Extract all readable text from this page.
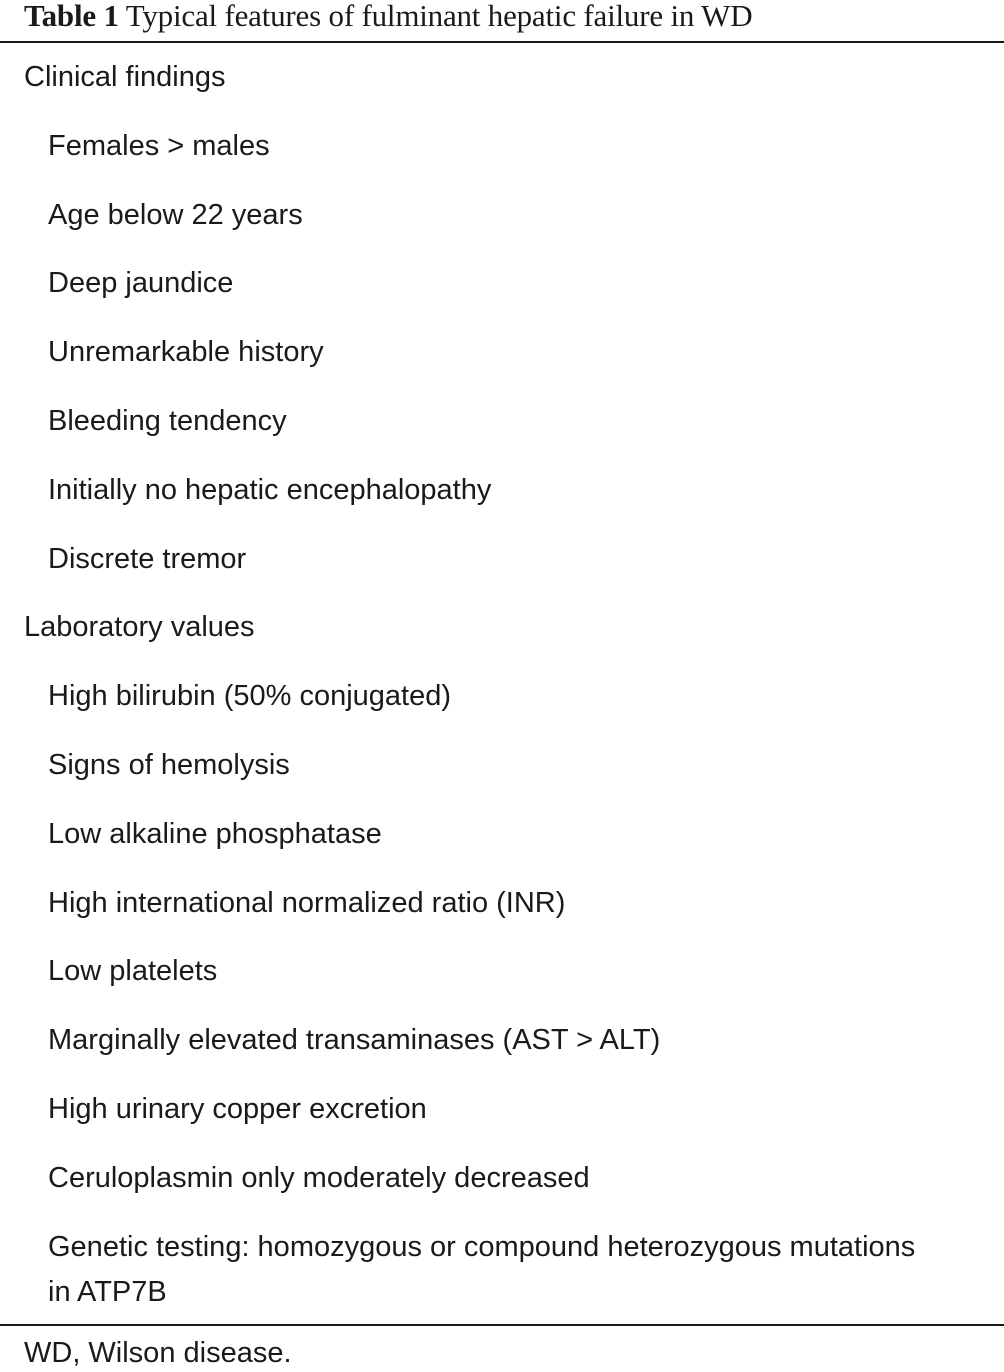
Table 1 Typical features of fulminant hepatic failure in WD
Clinical findings
Females > males
Age below 22 years
Deep jaundice
Unremarkable history
Bleeding tendency
Initially no hepatic encephalopathy
Discrete tremor
Laboratory values
High bilirubin (50% conjugated)
Signs of hemolysis
Low alkaline phosphatase
High international normalized ratio (INR)
Low platelets
Marginally elevated transaminases (AST > ALT)
High urinary copper excretion
Ceruloplasmin only moderately decreased
Genetic testing: homozygous or compound heterozygous mutations in ATP7B
WD, Wilson disease.
